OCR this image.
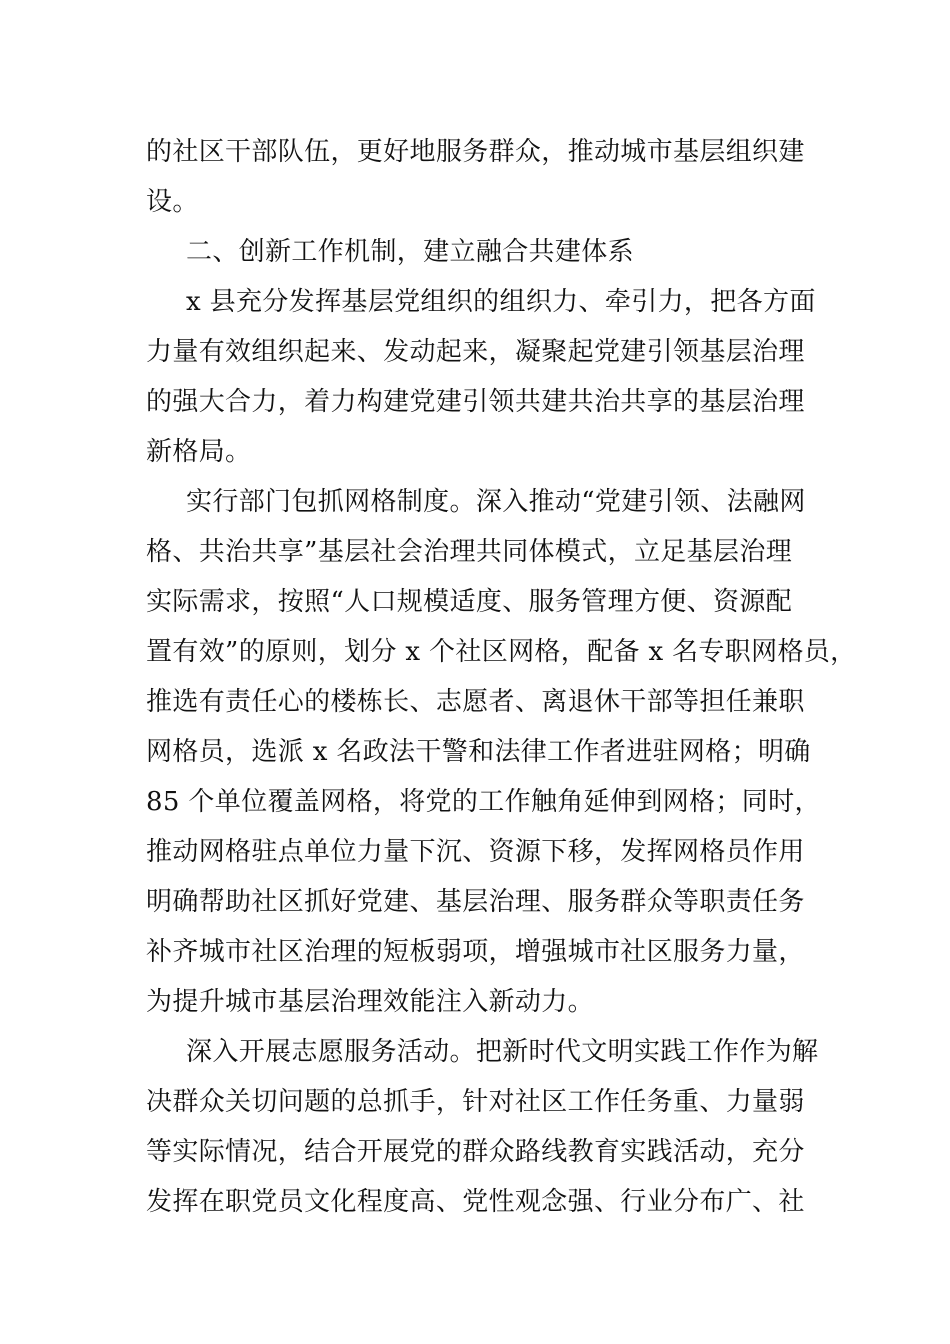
的社区干部队伍，更好地服务群众，推动城市基层组织建
设。
二、创新工作机制，建立融合共建体系
x 县充分发挥基层党组织的组织力、牵引力，把各方面
力量有效组织起来、发动起来，凝聚起党建引领基层治理
的强大合力，着力构建党建引领共建共治共享的基层治理
新格局。
实行部门包抓网格制度。深入推动“党建引领、法融网
格、共治共享”基层社会治理共同体模式，立足基层治理
实际需求，按照“人口规模适度、服务管理方便、资源配
置有效”的原则，划分 x 个社区网格，配备 x 名专职网格员，
推选有责任心的楼栋长、志愿者、离退休干部等担任兼职
网格员，选派 x 名政法干警和法律工作者进驻网格；明确
85 个单位覆盖网格，将党的工作触角延伸到网格；同时，
推动网格驻点单位力量下沉、资源下移，发挥网格员作用
明确帮助社区抓好党建、基层治理、服务群众等职责任务
补齐城市社区治理的短板弱项，增强城市社区服务力量，
为提升城市基层治理效能注入新动力。
深入开展志愿服务活动。把新时代文明实践工作作为解
决群众关切问题的总抓手，针对社区工作任务重、力量弱
等实际情况，结合开展党的群众路线教育实践活动，充分
发挥在职党员文化程度高、党性观念强、行业分布广、社
